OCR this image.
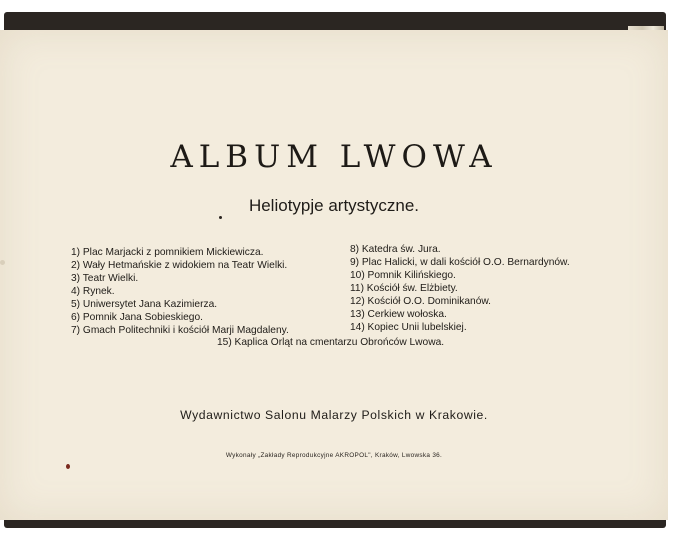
ALBUM LWOWA
Heliotypje artystyczne.
1) Plac Marjacki z pomnikiem Mickiewicza.
2) Wały Hetmańskie z widokiem na Teatr Wielki.
3) Teatr Wielki.
4) Rynek.
5) Uniwersytet Jana Kazimierza.
6) Pomnik Jana Sobieskiego.
7) Gmach Politechniki i kościół Marji Magdaleny.
8) Katedra św. Jura.
9) Plac Halicki, w dali kościół O.O. Bernardynów.
10) Pomnik Kilińskiego.
11) Kościół św. Elżbiety.
12) Kościół O.O. Dominikanów.
13) Cerkiew wołoska.
14) Kopiec Unii lubelskiej.
15) Kaplica Orląt na cmentarzu Obrońców Lwowa.
Wydawnictwo Salonu Malarzy Polskich w Krakowie.
Wykonały „Zakłady Reprodukcyjne AKROPOL", Kraków, Lwowska 36.
